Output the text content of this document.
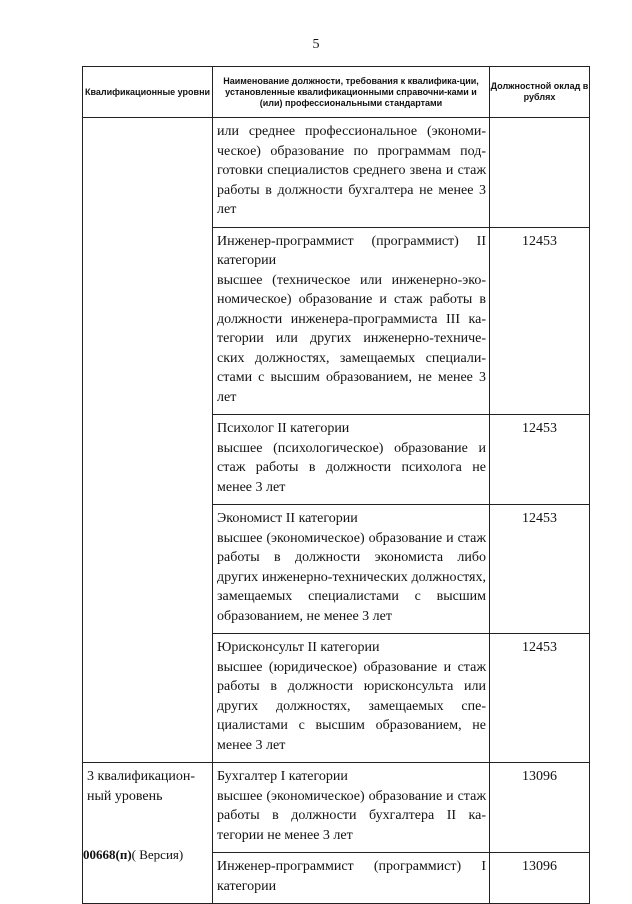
5
Квалификационные уровни	Наименование должности, требования к квалифика-ции, установленные квалификационными справочни-ками и (или) профессиональными стандартами	Должностной оклад в рублях

	или среднее профессиональное (экономи-ческое) образование по программам под-готовки специалистов среднего звена и стаж работы в должности бухгалтера не менее 3 лет	

	Инженер-программист (программист) II категории
высшее (техническое или инженерно-эко-номическое) образование и стаж работы в должности инженера-программиста III ка-тегории или других инженерно-техниче-ских должностях, замещаемых специали-стами с высшим образованием, не менее 3 лет	12453

	Психолог II категории
высшее (психологическое) образование и стаж работы в должности психолога не менее 3 лет	12453

	Экономист II категории
высшее (экономическое) образование и стаж работы в должности экономиста либо других инженерно-технических должностях, замещаемых специалистами с высшим образованием, не менее 3 лет	12453

	Юрисконсульт II категории
высшее (юридическое) образование и стаж работы в должности юрисконсульта или других должностях, замещаемых спе-циалистами с высшим образованием, не менее 3 лет	12453

3 квалификацион-ный уровень	Бухгалтер I категории
высшее (экономическое) образование и стаж работы в должности бухгалтера II ка-тегории не менее 3 лет	13096

	Инженер-программист (программист) I категории	13096
00668(п)( Версия)
